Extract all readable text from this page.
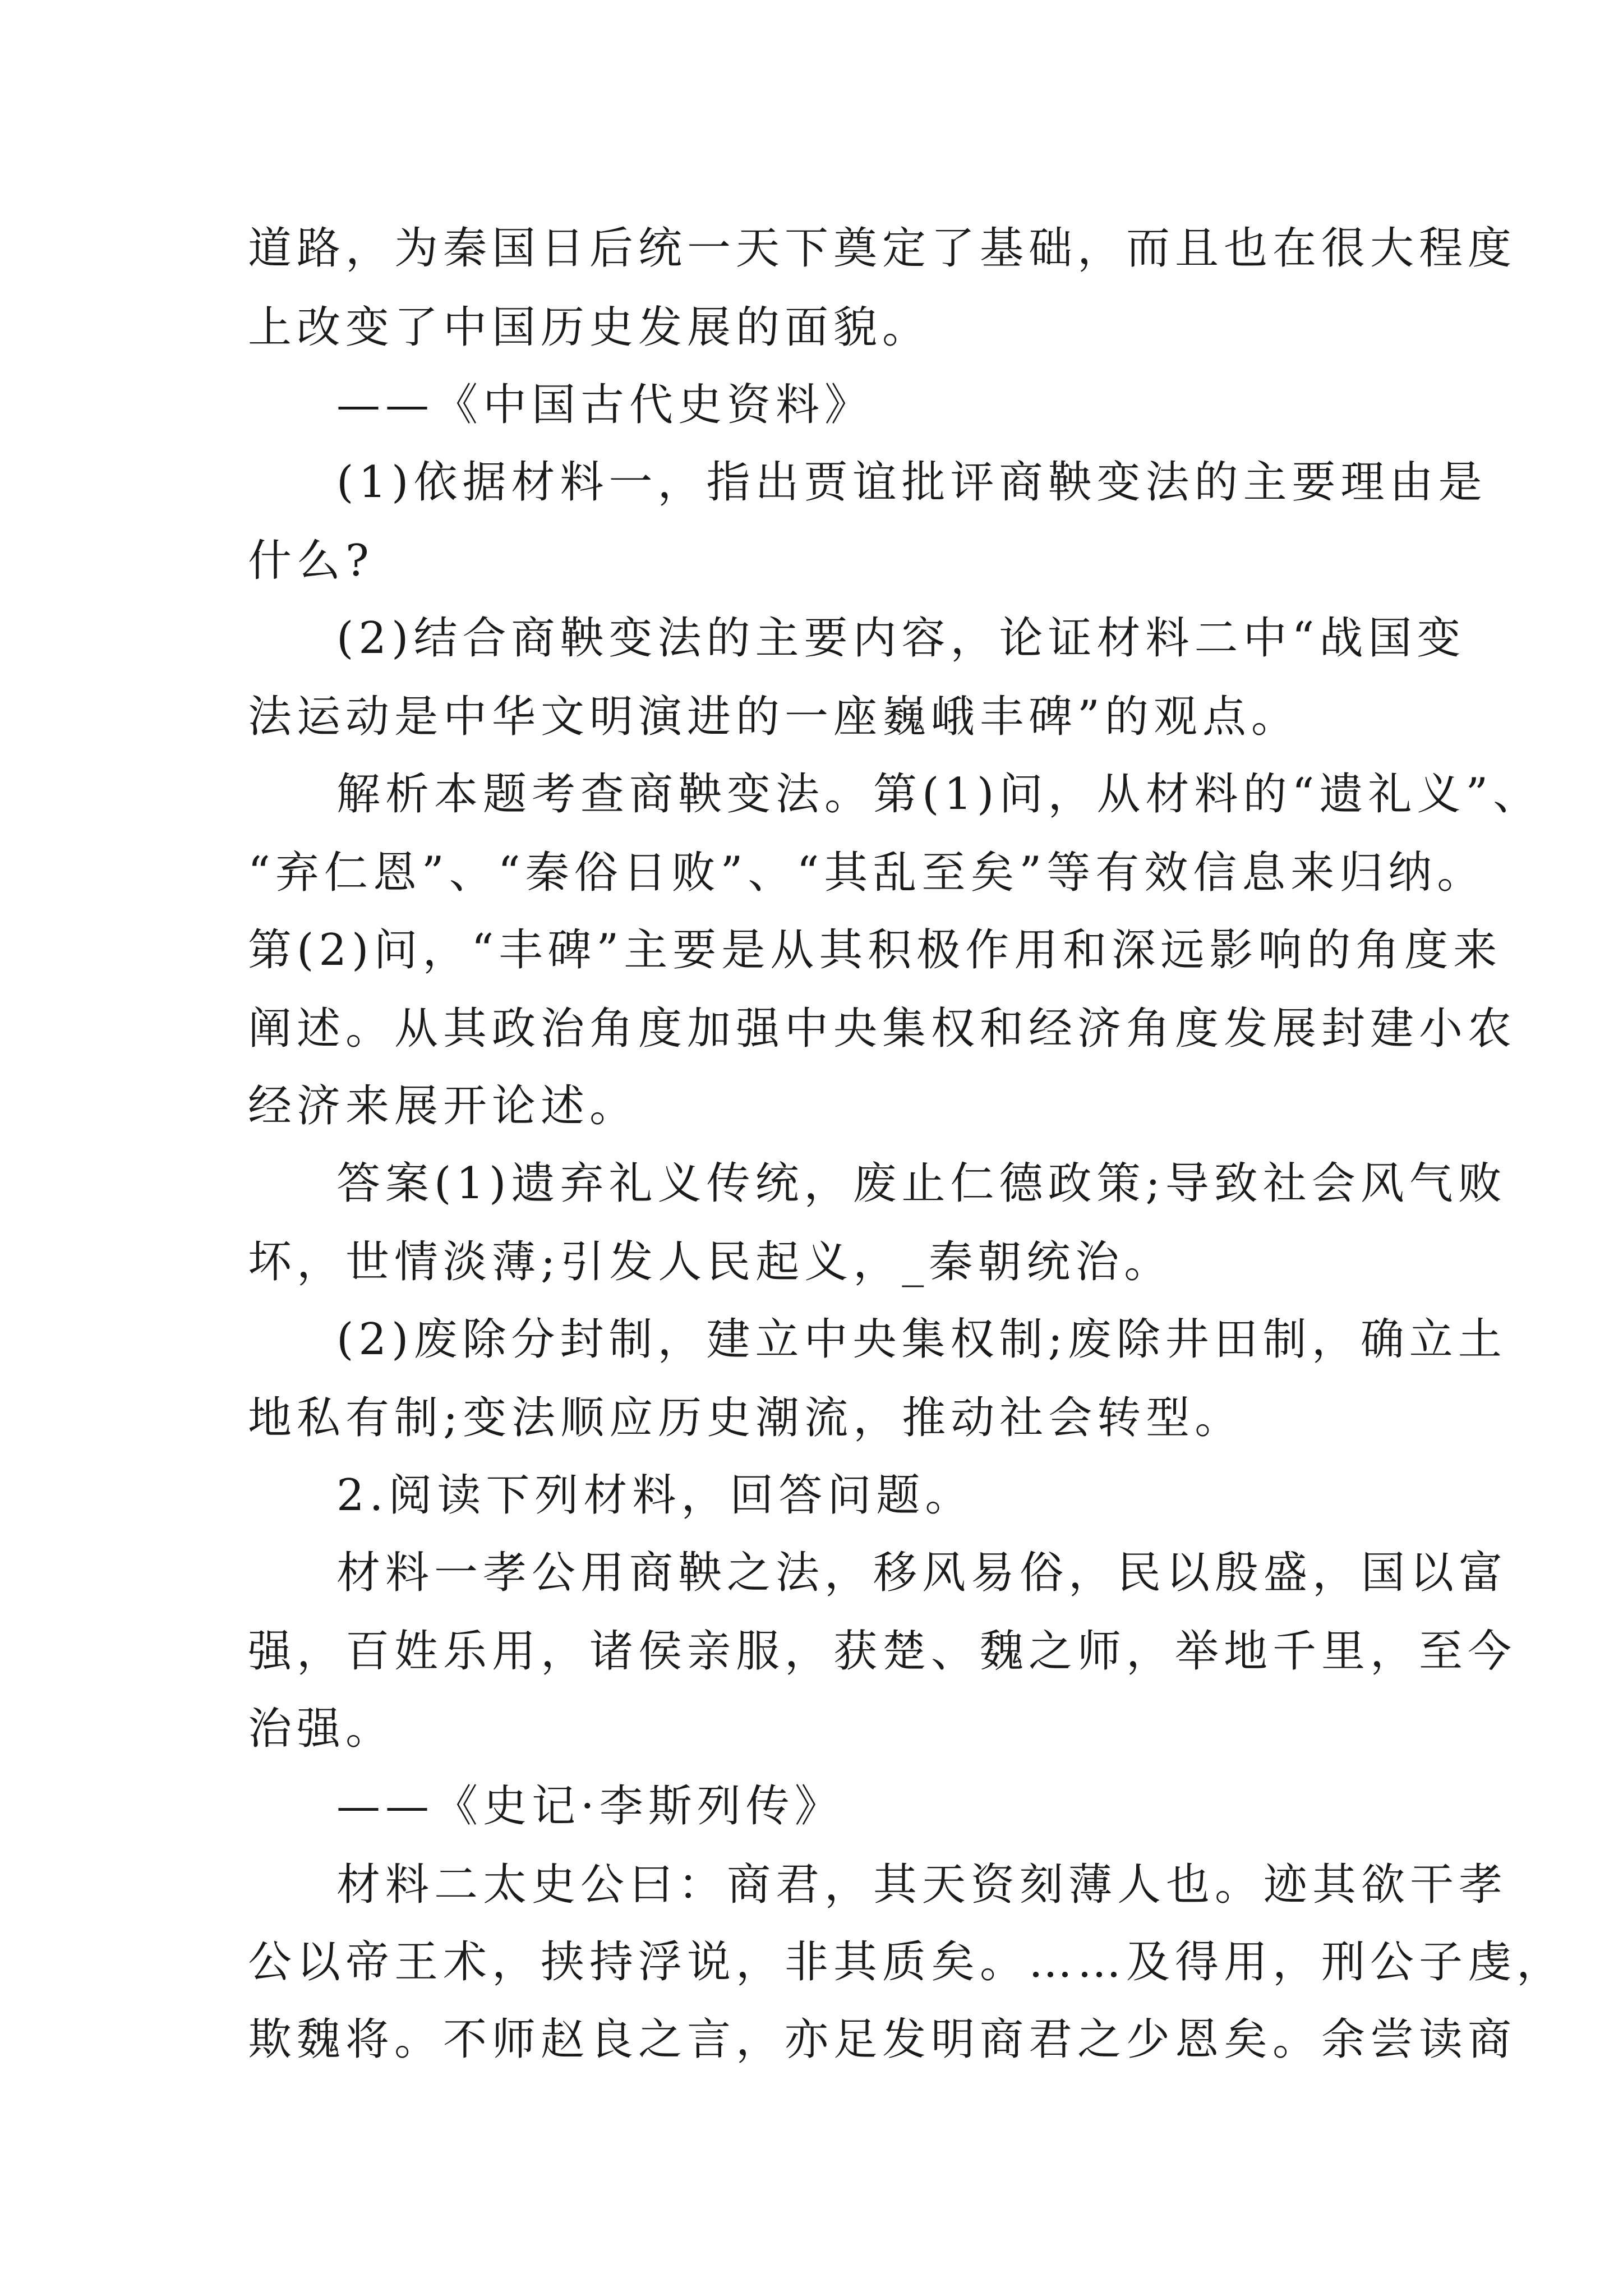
道路，为秦国日后统一天下奠定了基础，而且也在很大程度
上改变了中国历史发展的面貌。
——《中国古代史资料》
(1)依据材料一，指出贾谊批评商鞅变法的主要理由是
什么?
(2)结合商鞅变法的主要内容，论证材料二中“战国变
法运动是中华文明演进的一座巍峨丰碑”的观点。
解析本题考查商鞅变法。第(1)问，从材料的“遗礼义”、
“弃仁恩”、“秦俗日败”、“其乱至矣”等有效信息来归纳。
第(2)问，“丰碑”主要是从其积极作用和深远影响的角度来
阐述。从其政治角度加强中央集权和经济角度发展封建小农
经济来展开论述。
答案(1)遗弃礼义传统，废止仁德政策;导致社会风气败
坏，世情淡薄;引发人民起义，_秦朝统治。
(2)废除分封制，建立中央集权制;废除井田制，确立土
地私有制;变法顺应历史潮流，推动社会转型。
2.阅读下列材料，回答问题。
材料一孝公用商鞅之法，移风易俗，民以殷盛，国以富
强，百姓乐用，诸侯亲服，获楚、魏之师，举地千里，至今
治强。
——《史记·李斯列传》
材料二太史公曰：商君，其天资刻薄人也。迹其欲干孝
公以帝王术，挟持浮说，非其质矣。……及得用，刑公子虔，
欺魏将。不师赵良之言，亦足发明商君之少恩矣。余尝读商
